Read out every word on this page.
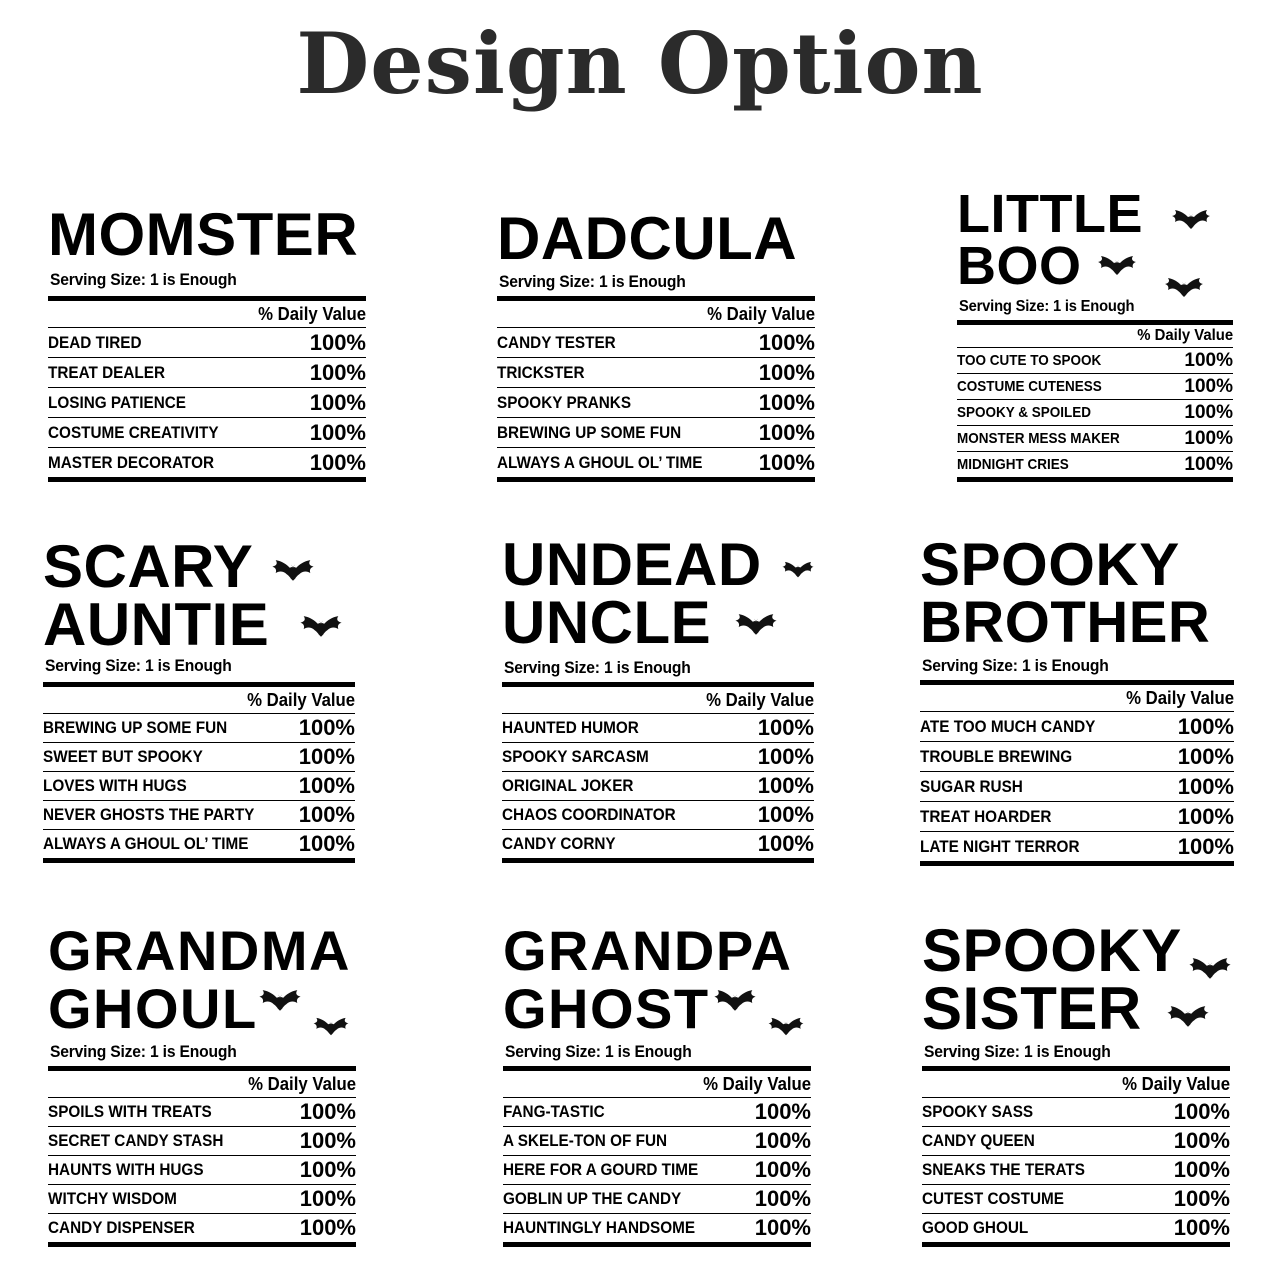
Design Option
MOMSTER
Serving Size: 1 is Enough
% Daily Value
DEAD TIRED	100%
TREAT DEALER	100%
LOSING PATIENCE	100%
COSTUME CREATIVITY	100%
MASTER DECORATOR	100%
DADCULA
Serving Size: 1 is Enough
% Daily Value
CANDY TESTER	100%
TRICKSTER	100%
SPOOKY PRANKS	100%
BREWING UP SOME FUN	100%
ALWAYS A GHOUL OL’ TIME	100%
LITTLE
BOO
Serving Size: 1 is Enough
% Daily Value
TOO CUTE TO SPOOK	100%
COSTUME CUTENESS	100%
SPOOKY & SPOILED	100%
MONSTER MESS MAKER	100%
MIDNIGHT CRIES	100%
SCARY
AUNTIE
Serving Size: 1 is Enough
% Daily Value
BREWING UP SOME FUN	100%
SWEET BUT SPOOKY	100%
LOVES WITH HUGS	100%
NEVER GHOSTS THE PARTY 100%
ALWAYS A GHOUL OL’ TIME 100%
UNDEAD
UNCLE
Serving Size: 1 is Enough
% Daily Value
HAUNTED HUMOR	100%
SPOOKY SARCASM	100%
ORIGINAL JOKER	100%
CHAOS COORDINATOR	100%
CANDY CORNY	100%
SPOOKY
BROTHER
Serving Size: 1 is Enough
% Daily Value
ATE TOO MUCH CANDY	100%
TROUBLE BREWING	100%
SUGAR RUSH	100%
TREAT HOARDER	100%
LATE NIGHT TERROR	100%
GRANDMA
GHOUL
Serving Size: 1 is Enough
% Daily Value
SPOILS WITH TREATS	100%
SECRET CANDY STASH	100%
HAUNTS WITH HUGS	100%
WITCHY WISDOM	100%
CANDY DISPENSER	100%
GRANDPA
GHOST
Serving Size: 1 is Enough
% Daily Value
FANG-TASTIC	100%
A SKELE-TON OF FUN	100%
HERE FOR A GOURD TIME	100%
GOBLIN UP THE CANDY	100%
HAUNTINGLY HANDSOME	100%
SPOOKY
SISTER
Serving Size: 1 is Enough
% Daily Value
SPOOKY SASS	100%
CANDY QUEEN	100%
SNEAKS THE TERATS	100%
CUTEST COSTUME	100%
GOOD GHOUL	100%
